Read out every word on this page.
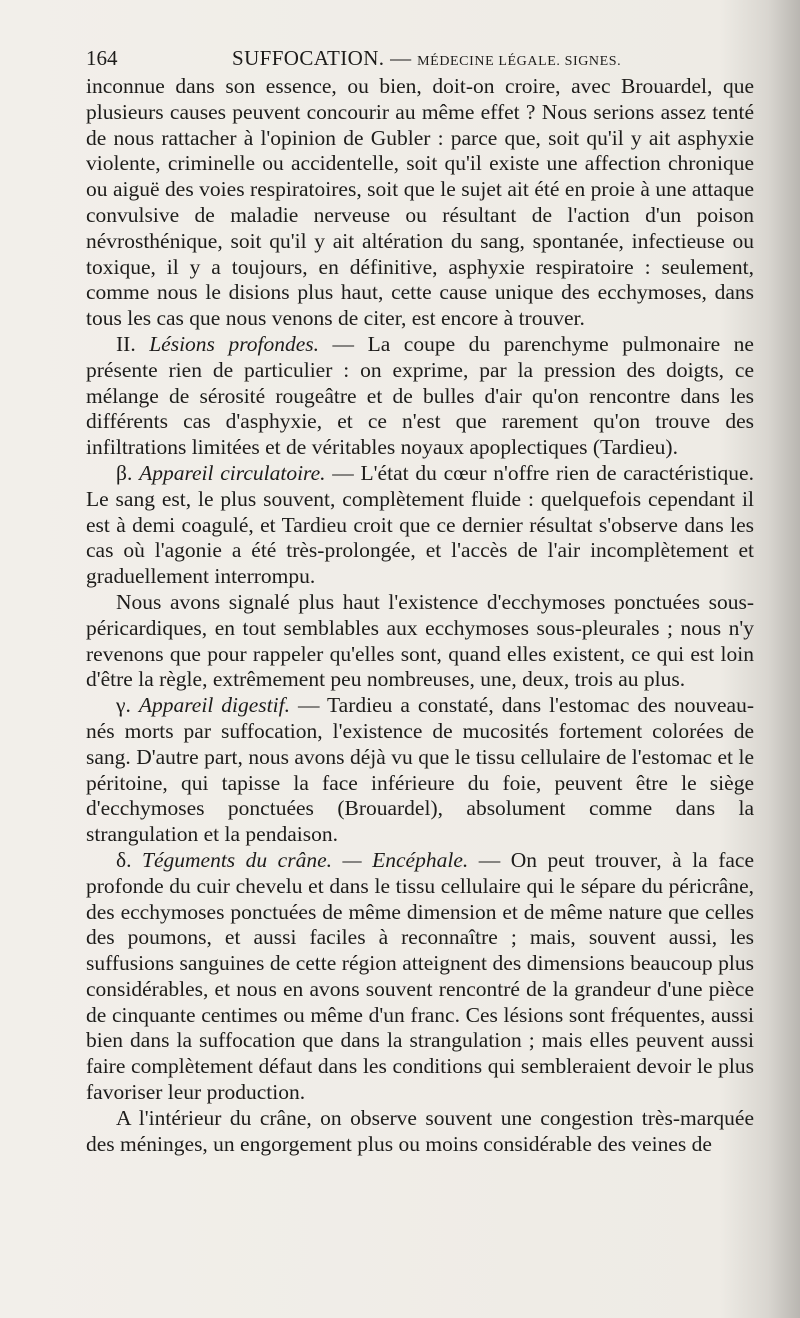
164	SUFFOCATION. — MÉDECINE LÉGALE. SIGNES.

inconnue dans son essence, ou bien, doit-on croire, avec Brouardel, que plusieurs causes peuvent concourir au même effet ? Nous serions assez tenté de nous rattacher à l'opinion de Gubler : parce que, soit qu'il y ait asphyxie violente, criminelle ou accidentelle, soit qu'il existe une affection chronique ou aiguë des voies respiratoires, soit que le sujet ait été en proie à une attaque convulsive de maladie nerveuse ou résultant de l'action d'un poison névrosthénique, soit qu'il y ait altération du sang, spontanée, infectieuse ou toxique, il y a toujours, en définitive, asphyxie respiratoire : seulement, comme nous le disions plus haut, cette cause unique des ecchymoses, dans tous les cas que nous venons de citer, est encore à trouver.

II. Lésions profondes. — La coupe du parenchyme pulmonaire ne présente rien de particulier : on exprime, par la pression des doigts, ce mélange de sérosité rougeâtre et de bulles d'air qu'on rencontre dans les différents cas d'asphyxie, et ce n'est que rarement qu'on trouve des infiltrations limitées et de véritables noyaux apoplectiques (Tardieu).

β. Appareil circulatoire. — L'état du cœur n'offre rien de caractéristique. Le sang est, le plus souvent, complètement fluide : quelquefois cependant il est à demi coagulé, et Tardieu croit que ce dernier résultat s'observe dans les cas où l'agonie a été très-prolongée, et l'accès de l'air incomplètement et graduellement interrompu.

Nous avons signalé plus haut l'existence d'ecchymoses ponctuées sous-péricardiques, en tout semblables aux ecchymoses sous-pleurales ; nous n'y revenons que pour rappeler qu'elles sont, quand elles existent, ce qui est loin d'être la règle, extrêmement peu nombreuses, une, deux, trois au plus.

γ. Appareil digestif. — Tardieu a constaté, dans l'estomac des nouveau-nés morts par suffocation, l'existence de mucosités fortement colorées de sang. D'autre part, nous avons déjà vu que le tissu cellulaire de l'estomac et le péritoine, qui tapisse la face inférieure du foie, peuvent être le siège d'ecchymoses ponctuées (Brouardel), absolument comme dans la strangulation et la pendaison.

δ. Téguments du crâne. — Encéphale. — On peut trouver, à la face profonde du cuir chevelu et dans le tissu cellulaire qui le sépare du péricrâne, des ecchymoses ponctuées de même dimension et de même nature que celles des poumons, et aussi faciles à reconnaître ; mais, souvent aussi, les suffusions sanguines de cette région atteignent des dimensions beaucoup plus considérables, et nous en avons souvent rencontré de la grandeur d'une pièce de cinquante centimes ou même d'un franc. Ces lésions sont fréquentes, aussi bien dans la suffocation que dans la strangulation ; mais elles peuvent aussi faire complètement défaut dans les conditions qui sembleraient devoir le plus favoriser leur production.

A l'intérieur du crâne, on observe souvent une congestion très-marquée des méninges, un engorgement plus ou moins considérable des veines de
